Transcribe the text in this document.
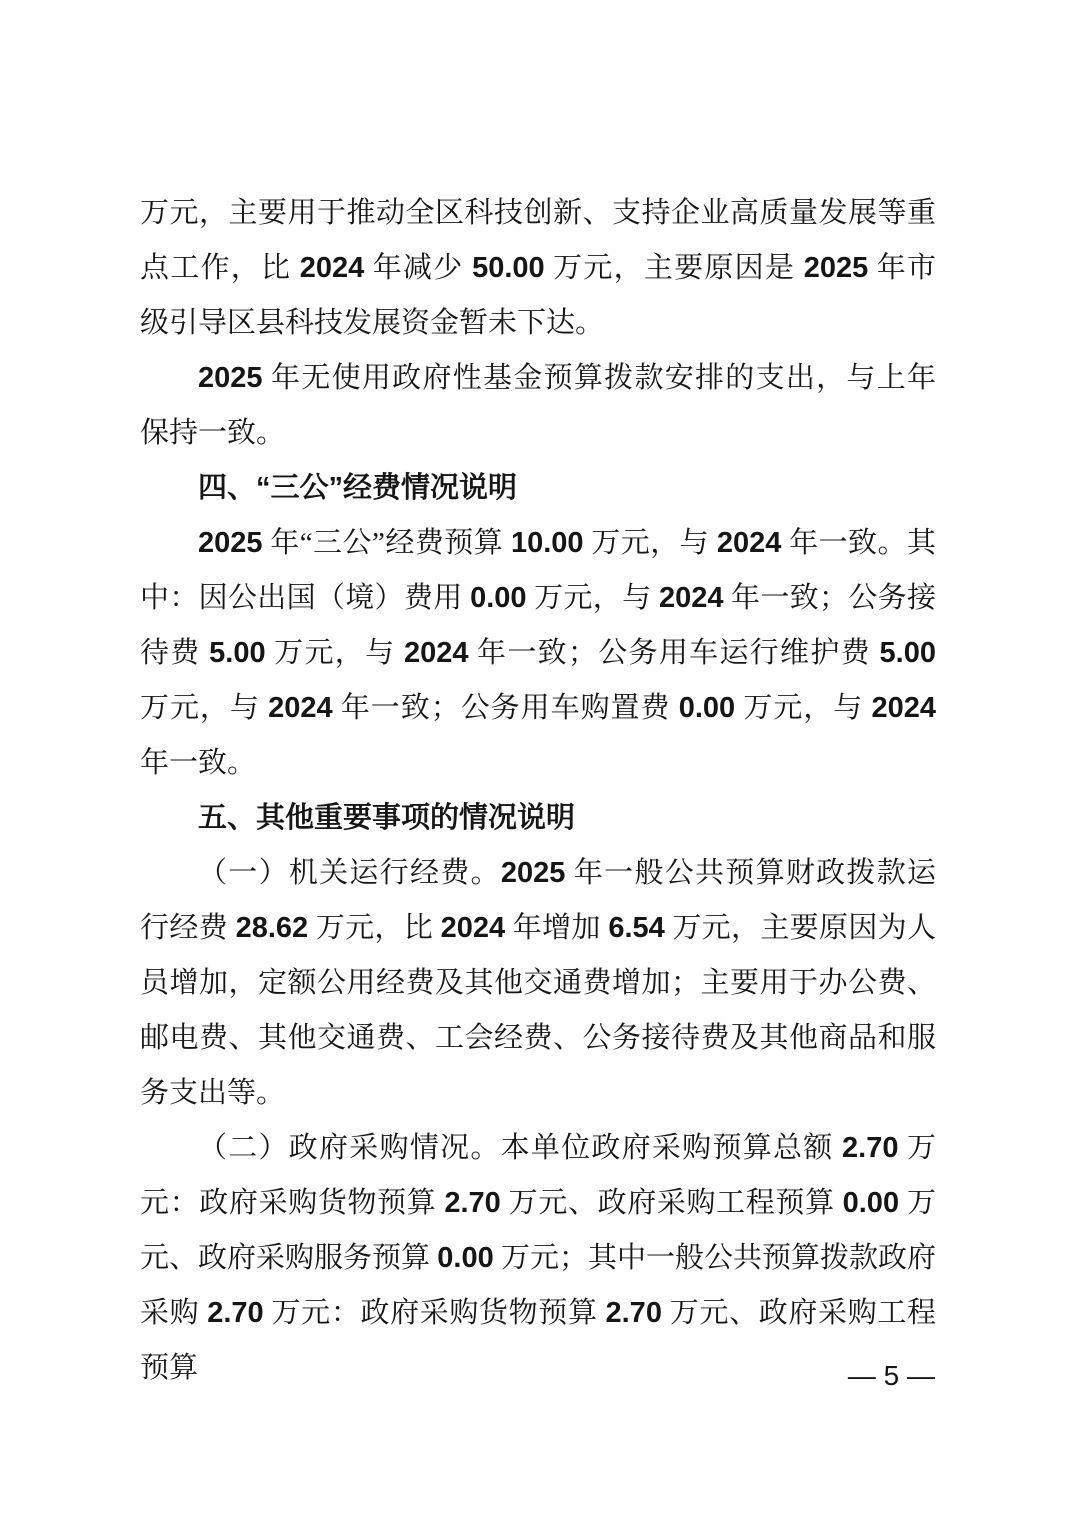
万元，主要用于推动全区科技创新、支持企业高质量发展等重点工作，比 2024 年减少 50.00 万元，主要原因是 2025 年市级引导区县科技发展资金暂未下达。

2025 年无使用政府性基金预算拨款安排的支出，与上年保持一致。

四、“三公”经费情况说明

2025 年“三公”经费预算 10.00 万元，与 2024 年一致。其中：因公出国（境）费用 0.00 万元，与 2024 年一致；公务接待费 5.00 万元，与 2024 年一致；公务用车运行维护费 5.00 万元，与 2024 年一致；公务用车购置费 0.00 万元，与 2024 年一致。

五、其他重要事项的情况说明

（一）机关运行经费。2025 年一般公共预算财政拨款运行经费 28.62 万元，比 2024 年增加 6.54 万元，主要原因为人员增加，定额公用经费及其他交通费增加；主要用于办公费、邮电费、其他交通费、工会经费、公务接待费及其他商品和服务支出等。

（二）政府采购情况。本单位政府采购预算总额 2.70 万元：政府采购货物预算 2.70 万元、政府采购工程预算 0.00 万元、政府采购服务预算 0.00 万元；其中一般公共预算拨款政府采购 2.70 万元：政府采购货物预算 2.70 万元、政府采购工程预算	— 5 —
